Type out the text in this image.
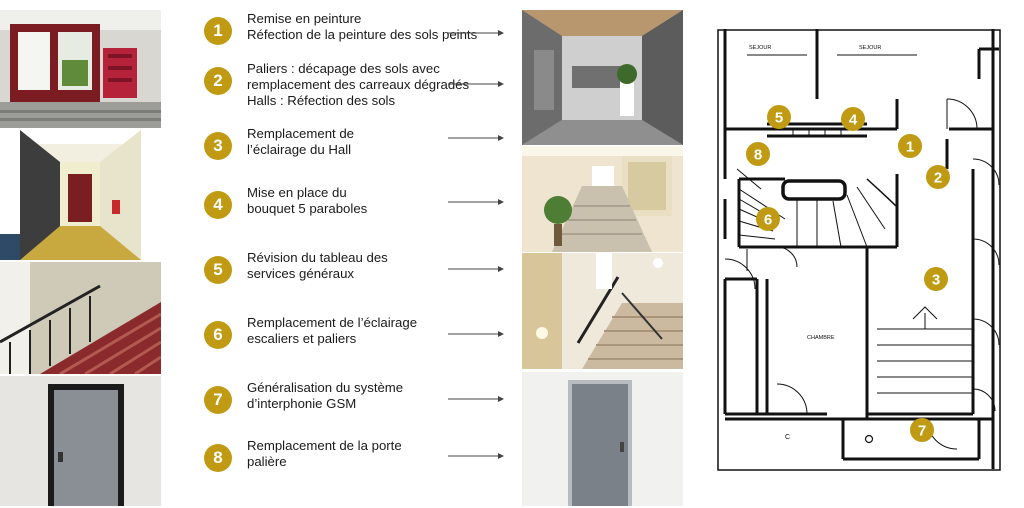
1
Remise en peinture
Réfection de la peinture des sols peints
2
Paliers : décapage des sols avec
remplacement des carreaux dégradés
Halls : Réfection des sols
3
Remplacement de
l’éclairage du Hall
4
Mise en place du
bouquet 5 paraboles
5
Révision du tableau des
services généraux
6
Remplacement de l’éclairage
escaliers et paliers
7
Généralisation du système
d’interphonie GSM
8
Remplacement de la porte
palière
SEJOUR	SEJOUR
CHAMBRE
C
1
2
3
4
5
6
7
8
